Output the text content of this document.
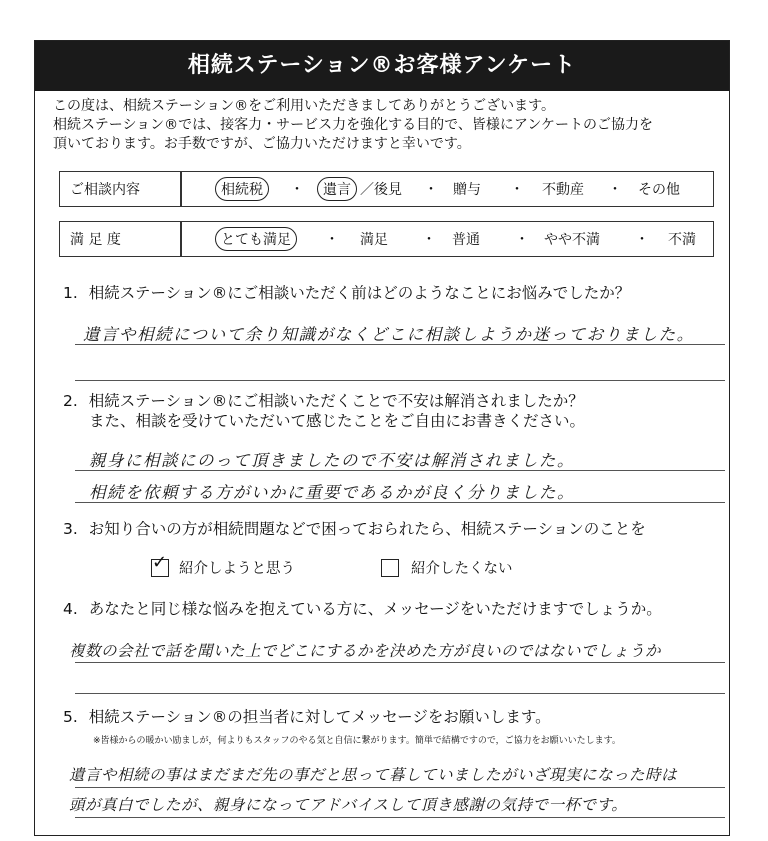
相続ステーション®お客様アンケート
この度は、相続ステーション®をご利用いただきましてありがとうございます。
相続ステーション®では、接客力・サービス力を強化する目的で、皆様にアンケートのご協力を
頂いております。お手数ですが、ご協力いただけますと幸いです。
ご相談内容	相続税	・	遺言 ／後見 ・ 贈与 ・ 不動産 ・ その他
満 足 度	とても満足	・ 満足 ・ 普通	・ やや不満	・ 不満
1. 相続ステーション®にご相談いただく前はどのようなことにお悩みでしたか？
遺言や相続について余り知識がなくどこに相談しようか迷っておりました。
2. 相続ステーション®にご相談いただくことで不安は解消されましたか？
また、相談を受けていただいて感じたことをご自由にお書きください。
親身に相談にのって頂きましたので不安は解消されました。
相続を依頼する方がいかに重要であるかが良く分りました。
3. お知り合いの方が相続問題などで困っておられたら、相続ステーションのことを
✓ 紹介しようと思う	紹介したくない
4. あなたと同じ様な悩みを抱えている方に、メッセージをいただけますでしょうか。
複数の会社で話を聞いた上でどこにするかを決めた方が良いのではないでしょうか
5. 相続ステーション®の担当者に対してメッセージをお願いします。
※皆様からの暖かい励ましが，何よりもスタッフのやる気と自信に繋がります。簡単で結構ですので，ご協力をお願いいたします。
遺言や相続の事はまだまだ先の事だと思って暮していましたがいざ現実になった時は
頭が真白でしたが、親身になってアドバイスして頂き感謝の気持で一杯です。
